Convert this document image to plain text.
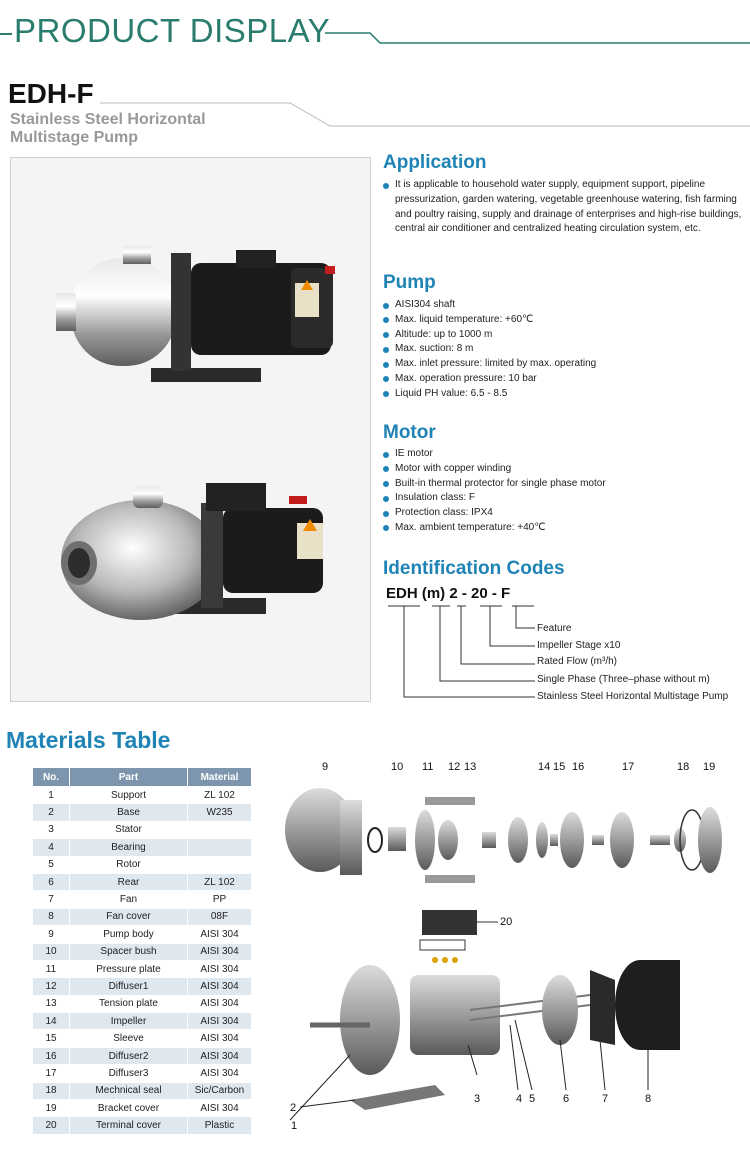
PRODUCT DISPLAY
EDH-F
Stainless Steel Horizontal
Multistage Pump
Application
It is applicable to household water supply, equipment support, pipeline pressurization, garden watering, vegetable greenhouse watering, fish farming and poultry raising, supply and drainage of enterprises and high-rise buildings, central air conditioner and centralized heating circulation system, etc.
Pump
AISI304 shaft
Max. liquid temperature: +60℃
Altitude: up to 1000 m
Max. suction: 8 m
Max. inlet pressure: limited by max. operating
Max. operation pressure: 10 bar
Liquid PH value: 6.5 - 8.5
Motor
IE motor
Motor with copper winding
Built-in thermal protector for single phase motor
Insulation class: F
Protection class: IPX4
Max. ambient temperature: +40℃
Identification Codes
EDH (m) 2 - 20 - F
Feature
Impeller Stage x10
Rated Flow (m³/h)
Single Phase (Three–phase without m)
Stainless Steel Horizontal Multistage Pump
Materials Table
No.	Part	Material
1	Support	ZL 102
2	Base	W235
3	Stator	
4	Bearing	
5	Rotor	
6	Rear	ZL 102
7	Fan	PP
8	Fan cover	08F
9	Pump body	AISI 304
10	Spacer bush	AISI 304
11	Pressure plate	AISI 304
12	Diffuser1	AISI 304
13	Tension plate	AISI 304
14	Impeller	AISI 304
15	Sleeve	AISI 304
16	Diffuser2	AISI 304
17	Diffuser3	AISI 304
18	Mechnical seal	Sic/Carbon
19	Bracket cover	AISI 304
20	Terminal cover	Plastic
9	10 11 12 13	14 15 16	17	18 19
20
1
2
3	4 5	6	7	8
